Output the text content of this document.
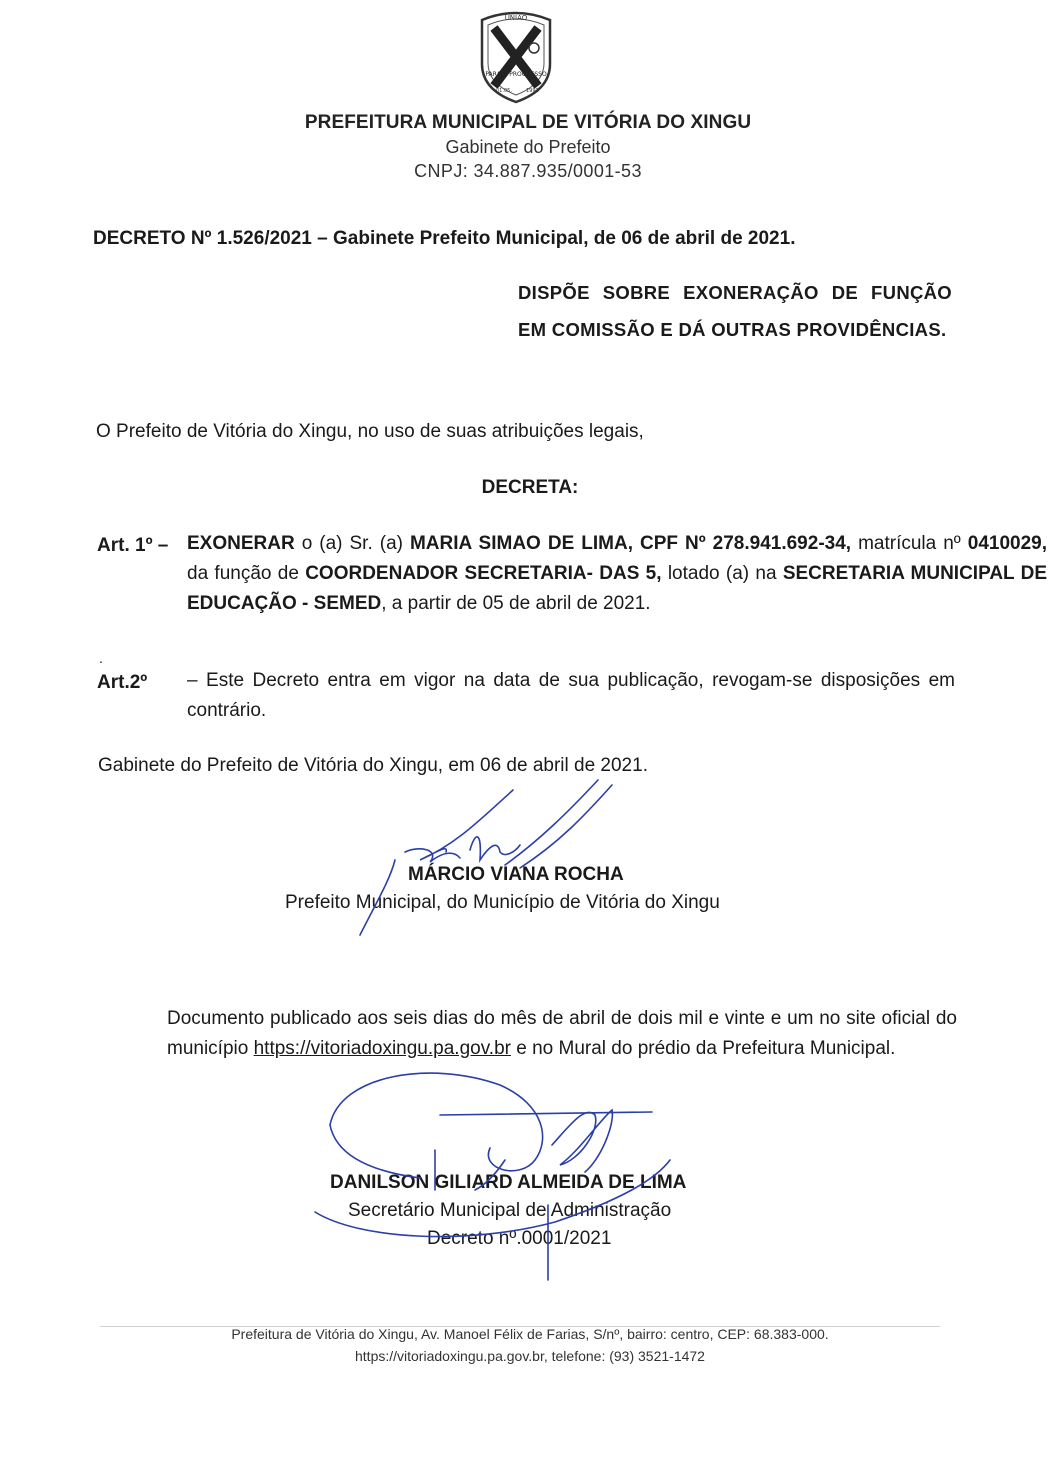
UNIÃO
PARA O PROGRESSO
01.05.	1991
PREFEITURA MUNICIPAL DE VITÓRIA DO XINGU
Gabinete do Prefeito
CNPJ: 34.887.935/0001-53
DECRETO Nº 1.526/2021 – Gabinete Prefeito Municipal, de 06 de abril de 2021.
DISPÕE SOBRE EXONERAÇÃO DE FUNÇÃO EM COMISSÃO E DÁ OUTRAS PROVIDÊNCIAS.
O Prefeito de Vitória do Xingu, no uso de suas atribuições legais,
DECRETA:
Art. 1º – EXONERAR o (a) Sr. (a) MARIA SIMAO DE LIMA, CPF Nº 278.941.692-34, matrícula nº 0410029, da função de COORDENADOR SECRETARIA- DAS 5, lotado (a) na SECRETARIA MUNICIPAL DE EDUCAÇÃO - SEMED, a partir de 05 de abril de 2021.
.
Art.2º – Este Decreto entra em vigor na data de sua publicação, revogam-se disposições em contrário.
Gabinete do Prefeito de Vitória do Xingu, em 06 de abril de 2021.
MÁRCIO VIANA ROCHA
Prefeito Municipal, do Município de Vitória do Xingu
Documento publicado aos seis dias do mês de abril de dois mil e vinte e um no site oficial do município https://vitoriadoxingu.pa.gov.br e no Mural do prédio da Prefeitura Municipal.
DANILSON GILIARD ALMEIDA DE LIMA
Secretário Municipal de Administração
Decreto nº.0001/2021
Prefeitura de Vitória do Xingu, Av. Manoel Félix de Farias, S/nº, bairro: centro, CEP: 68.383-000.
https://vitoriadoxingu.pa.gov.br, telefone: (93) 3521-1472
